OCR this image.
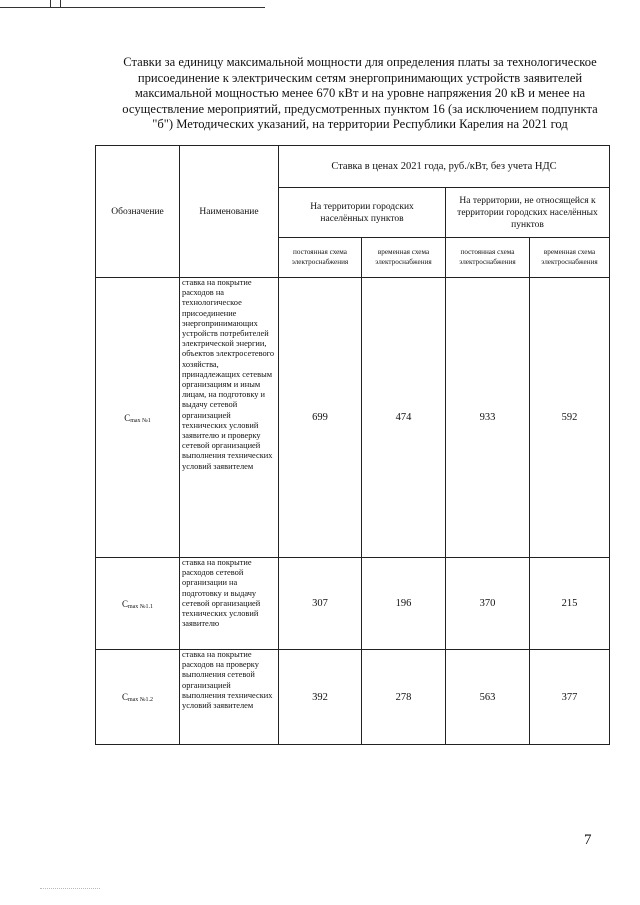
Ставки за единицу максимальной мощности для определения платы за технологическое присоединение к электрическим сетям энергопринимающих устройств заявителей максимальной мощностью менее 670 кВт и на уровне напряжения 20 кВ и менее на осуществление мероприятий, предусмотренных пунктом 16 (за исключением подпункта "б") Методических указаний, на территории Республики Карелия на 2021 год
Обозначение	Наименование	Ставка в ценах 2021 года, руб./кВт, без учета НДС			
		На территории городских населённых пунктов		На территории, не относящейся к территории городских населённых пунктов	
		постоянная схема электроснабжения	временная схема электроснабжения	постоянная схема электроснабжения	временная схема электроснабжения
$C_{max №1}$	ставка на покрытие расходов на технологическое присоединение энергопринимающих устройств потребителей электрической энергии, объектов электросетевого хозяйства, принадлежащих сетевым организациям и иным лицам, на подготовку и выдачу сетевой организацией технических условий заявителю и проверку сетевой организацией выполнения технических условий заявителем	699	474	933	592
$C_{max №1.1}$	ставка на покрытие расходов сетевой организации на подготовку и выдачу сетевой организацией технических условий заявителю	307	196	370	215
$C_{max №1.2}$	ставка на покрытие расходов на проверку выполнения сетевой организацией выполнения технических условий заявителем	392	278	563	377
7
